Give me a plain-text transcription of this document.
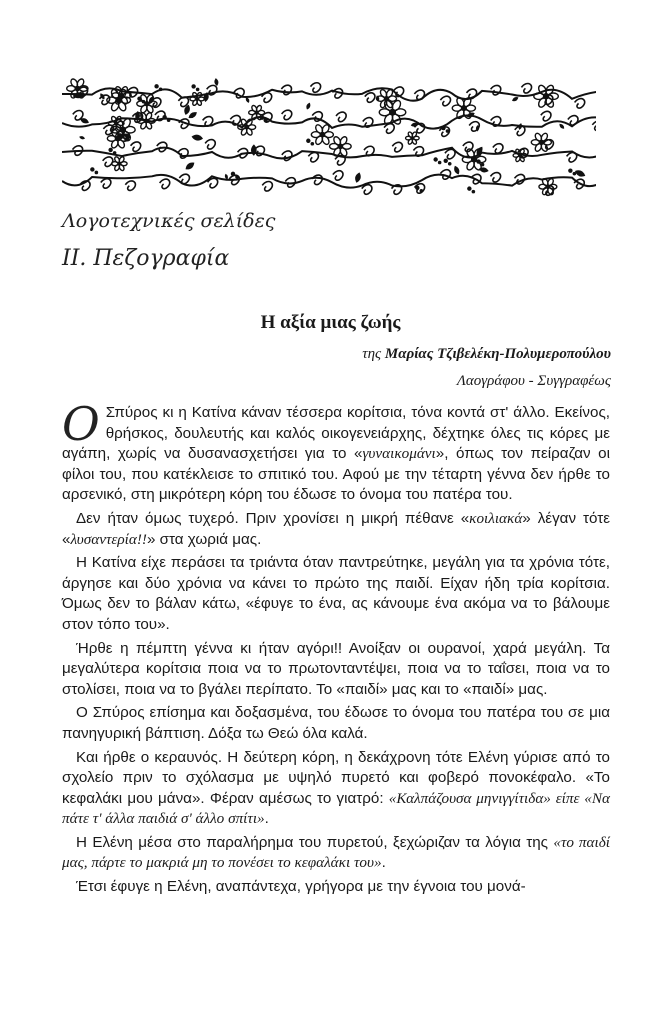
Λογοτεχνικές σελίδες
II. Πεζογραφία
Η αξία μιας ζωής
της Μαρίας Τζιβελέκη-Πολυμεροπούλου
Λαογράφου - Συγγραφέως

Ο Σπύρος κι η Κατίνα κάναν τέσσερα κορίτσια, τόνα κοντά στ' άλλο. Εκείνος, θρήσκος, δουλευτής και καλός οικογενειάρχης, δέχτηκε όλες τις κόρες με αγάπη, χωρίς να δυσανασχετήσει για το «γυναικομάνι», όπως τον πείραζαν οι φίλοι του, που κατέκλεισε το σπιτικό του. Αφού με την τέταρτη γέννα δεν ήρθε το αρσενικό, στη μικρότερη κόρη του έδωσε το όνομα του πατέρα του.

Δεν ήταν όμως τυχερό. Πριν χρονίσει η μικρή πέθανε «κοιλιακά» λέγαν τότε «λυσαντερία!!» στα χωριά μας.

Η Κατίνα είχε περάσει τα τριάντα όταν παντρεύτηκε, μεγάλη για τα χρόνια τότε, άργησε και δύο χρόνια να κάνει το πρώτο της παιδί. Είχαν ήδη τρία κορίτσια. Όμως δεν το βάλαν κάτω, «έφυγε το ένα, ας κάνουμε ένα ακόμα να το βάλουμε στον τόπο του».

Ήρθε η πέμπτη γέννα κι ήταν αγόρι!! Ανοίξαν οι ουρανοί, χαρά μεγάλη. Τα μεγαλύτερα κορίτσια ποια να το πρωτονταντέψει, ποια να το ταΐσει, ποια να το στολίσει, ποια να το βγάλει περίπατο. Το «παιδί» μας και το «παιδί» μας.

Ο Σπύρος επίσημα και δοξασμένα, του έδωσε το όνομα του πατέρα του σε μια πανηγυρική βάπτιση. Δόξα τω Θεώ όλα καλά.

Και ήρθε ο κεραυνός. Η δεύτερη κόρη, η δεκάχρονη τότε Ελένη γύρισε από το σχολείο πριν το σχόλασμα με υψηλό πυρετό και φοβερό πονοκέφαλο. «Το κεφαλάκι μου μάνα». Φέραν αμέσως το γιατρό: «Καλπάζουσα μηνιγγίτιδα» είπε «Να πάτε τ' άλλα παιδιά σ' άλλο σπίτι».

Η Ελένη μέσα στο παραλήρημα του πυρετού, ξεχώριζαν τα λόγια της «το παιδί μας, πάρτε το μακριά μη το πονέσει το κεφαλάκι του».

Έτσι έφυγε η Ελένη, αναπάντεχα, γρήγορα με την έγνοια του μονά-
